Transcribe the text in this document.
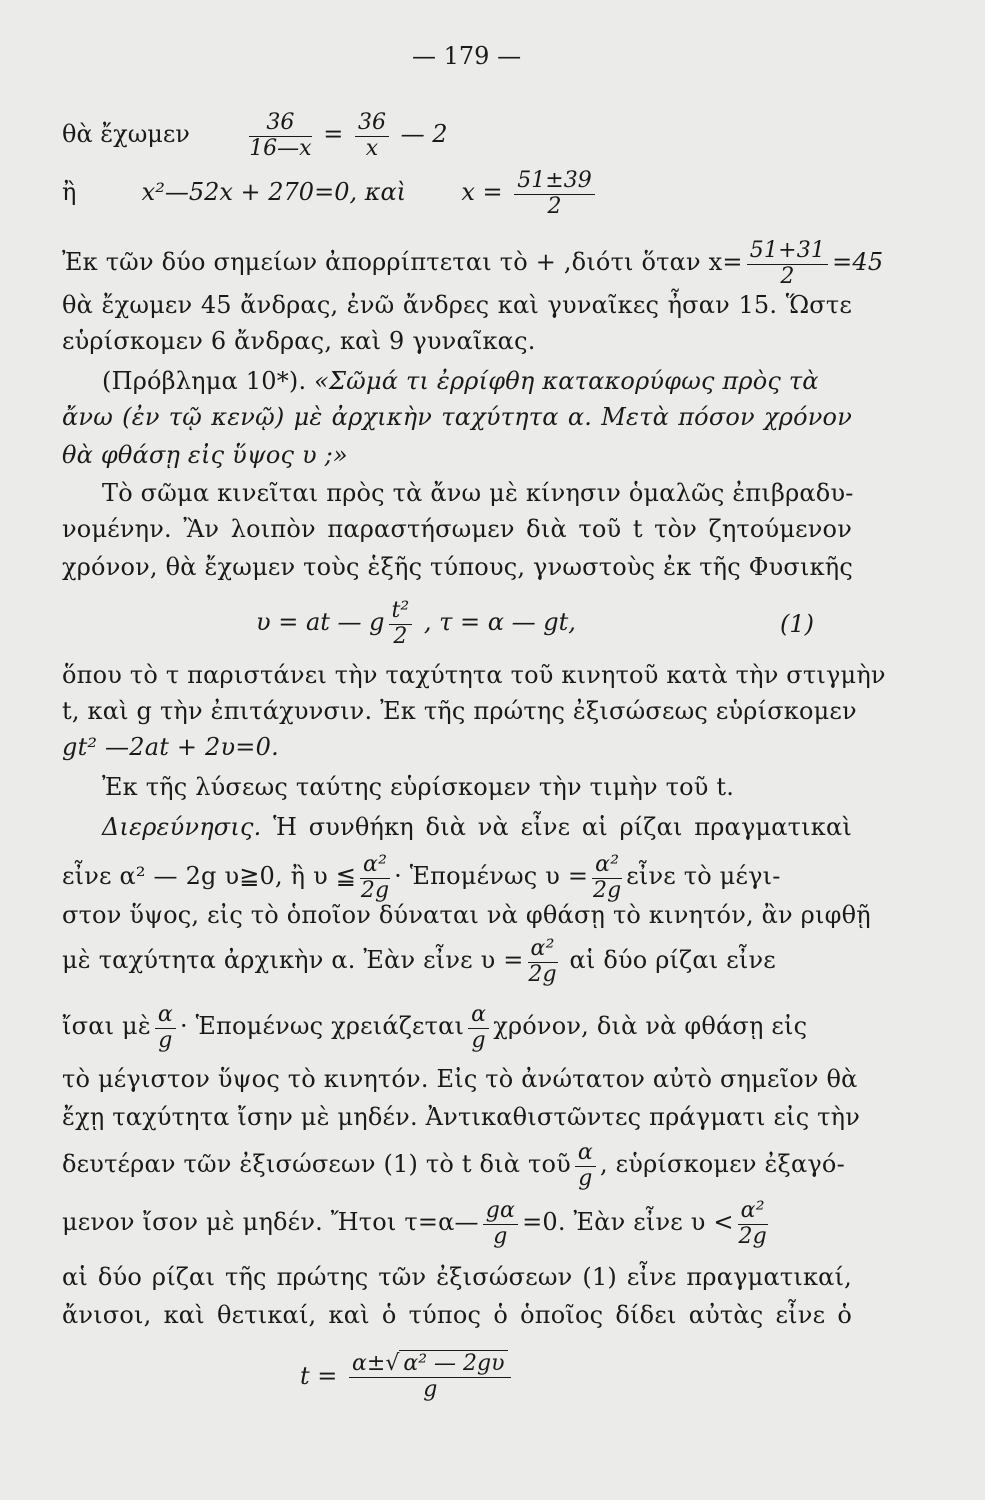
— 179 —
θὰ ἔχωμεν	$\frac{36}{16—x} = \frac{36}{x}$ — 2
ἢ	x²—52x + 270=0, καὶ $x = \frac{51\pm 39}{2}$
Ἐκ τῶν δύο σημείων ἀπορρίπτεται τὸ + ,διότι ὅταν $x= \frac{51+31}{2} =45$
θὰ ἔχωμεν 45 ἄνδρας, ἐνῶ ἄνδρες καὶ γυναῖκες ἦσαν 15. Ὥστε
εὑρίσκομεν 6 ἄνδρας, καὶ 9 γυναῖκας.
(Πρόβλημα 10*). «Σῶμά τι ἐρρίφθη κατακορύφως πρὸς τὰ
ἄνω (ἐν τῷ κενῷ) μὲ ἀρχικὴν ταχύτητα α. Μετὰ πόσον χρόνον
θὰ φθάσῃ εἰς ὕψος υ ;»
Τὸ σῶμα κινεῖται πρὸς τὰ ἄνω μὲ κίνησιν ὁμαλῶς ἐπιβραδυ-
νομένην. Ἂν λοιπὸν παραστήσωμεν διὰ τοῦ t τὸν ζητούμενον
χρόνον, θὰ ἔχωμεν τοὺς ἑξῆς τύπους, γνωστοὺς ἐκ τῆς Φυσικῆς
υ = at — g $\frac{\text{t²}}{2}$ , τ = α — gt,	(1)
ὅπου τὸ τ παριστάνει τὴν ταχύτητα τοῦ κινητοῦ κατὰ τὴν στιγμὴν
t, καὶ g τὴν ἐπιτάχυνσιν. Ἐκ τῆς πρώτης ἐξισώσεως εὑρίσκομεν
gt² —2at + 2υ=0.
Ἐκ τῆς λύσεως ταύτης εὑρίσκομεν τὴν τιμὴν τοῦ t.
Διερεύνησις. Ἡ συνθήκη διὰ νὰ εἶνε αἱ ρίζαι πραγματικαὶ
εἶνε α² — 2g υ≧0, ἢ υ ≦ $\frac{\text{α²}}{2g}$ · Ἑπομένως $\upsilon = \frac{\text{α²}}{2g}$ εἶνε τὸ μέγι-
στον ὕψος, εἰς τὸ ὁποῖον δύναται νὰ φθάσῃ τὸ κινητόν, ἂν ριφθῇ
μὲ ταχύτητα ἀρχικὴν α. Ἐὰν εἶνε $\upsilon = \frac{\text{α²}}{2g}$ αἱ δύο ρίζαι εἶνε
ἴσαι μὲ $\frac{\alpha}{g}$ · Ἑπομένως χρειάζεται $\frac{\alpha}{g} \chi\rho ό\nu o\nu$, διὰ νὰ φθάσῃ εἰς
τὸ μέγιστον ὕψος τὸ κινητόν. Εἰς τὸ ἀνώτατον αὐτὸ σημεῖον θὰ
ἔχῃ ταχύτητα ἴσην μὲ μηδέν. Ἀντικαθιστῶντες πράγματι εἰς τὴν
δευτέραν τῶν ἐξισώσεων (1) τὸ t διὰ τοῦ $\frac{\alpha}{g}$ , εὑρίσκομεν ἐξαγό-
μενον ἴσον μὲ μηδέν. Ἤτοι τ=α— $\frac{g\alpha}{g} =0$. Ἐὰν εἶνε $\upsilon < \frac{\text{α²}}{2g}$
αἱ δύο ρίζαι τῆς πρώτης τῶν ἐξισώσεων (1) εἶνε πραγματικαί,
ἄνισοι, καὶ θετικαί, καὶ ὁ τύπος ὁ ὁποῖος δίδει αὐτὰς εἶνε ὁ
$t = \frac{\text{α±√ α² — 2gυ}}{g}$
